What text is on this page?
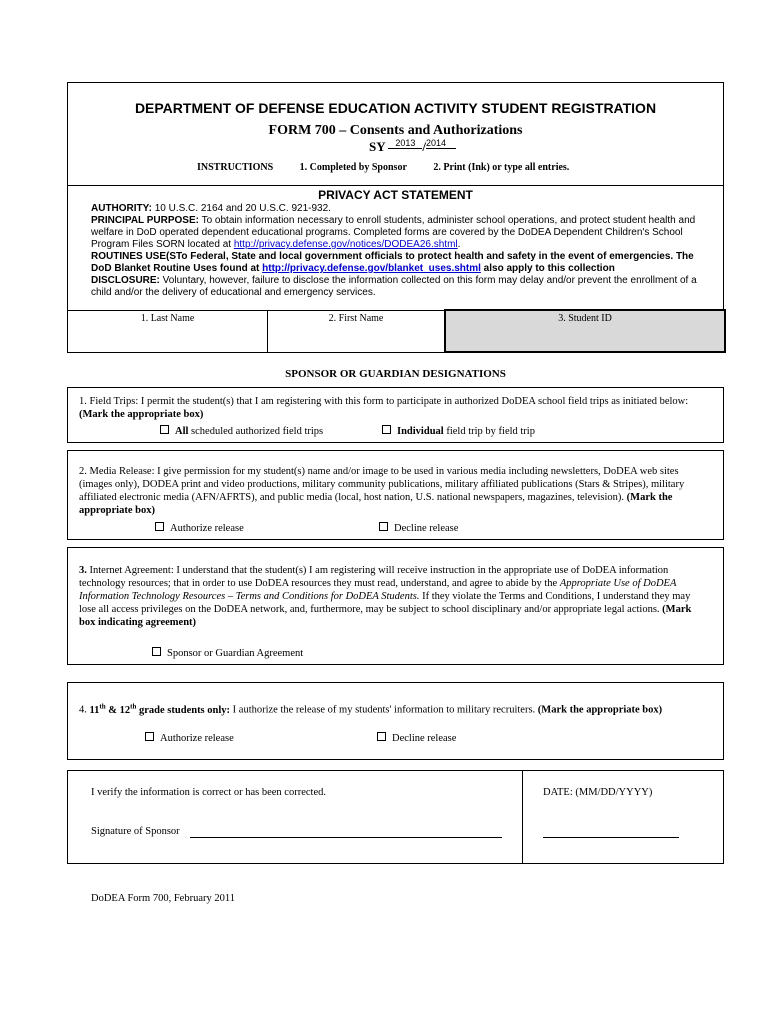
DEPARTMENT OF DEFENSE EDUCATION ACTIVITY STUDENT REGISTRATION
FORM 700 – Consents and Authorizations
SY 2013 /2014
INSTRUCTIONS	1. Completed by Sponsor	2. Print (Ink) or type all entries.
PRIVACY ACT STATEMENT
AUTHORITY: 10 U.S.C. 2164 and 20 U.S.C. 921-932.
PRINCIPAL PURPOSE: To obtain information necessary to enroll students, administer school operations, and protect student health and welfare in DoD operated dependent educational programs. Completed forms are covered by the DoDEA Dependent Children's School Program Files SORN located at http://privacy.defense.gov/notices/DODEA26.shtml.
ROUTINES USE(STo Federal, State and local government officials to protect health and safety in the event of emergencies. The DoD Blanket Routine Uses found at http://privacy.defense.gov/blanket_uses.shtml also apply to this collection
DISCLOSURE: Voluntary, however, failure to disclose the information collected on this form may delay and/or prevent the enrollment of a child and/or the delivery of educational and emergency services.
1. Last Name	2. First Name	3. Student ID
SPONSOR OR GUARDIAN DESIGNATIONS
1. Field Trips: I permit the student(s) that I am registering with this form to participate in authorized DoDEA school field trips as initiated below: (Mark the appropriate box)
All scheduled authorized field trips	Individual field trip by field trip
2. Media Release: I give permission for my student(s) name and/or image to be used in various media including newsletters, DoDEA web sites (images only), DODEA print and video productions, military community publications, military affiliated publications (Stars & Stripes), military affiliated electronic media (AFN/AFRTS), and public media (local, host nation, U.S. national newspapers, magazines, television). (Mark the appropriate box)
Authorize release	Decline release
3. Internet Agreement: I understand that the student(s) I am registering will receive instruction in the appropriate use of DoDEA information technology resources; that in order to use DoDEA resources they must read, understand, and agree to abide by the Appropriate Use of DoDEA Information Technology Resources – Terms and Conditions for DoDEA Students. If they violate the Terms and Conditions, I understand they may lose all access privileges on the DoDEA network, and, furthermore, may be subject to school disciplinary and/or appropriate legal actions. (Mark box indicating agreement)
Sponsor or Guardian Agreement
4. 11th & 12th grade students only: I authorize the release of my students' information to military recruiters. (Mark the appropriate box)
Authorize release	Decline release
I verify the information is correct or has been corrected.	DATE: (MM/DD/YYYY)
Signature of Sponsor
DoDEA Form 700, February 2011
